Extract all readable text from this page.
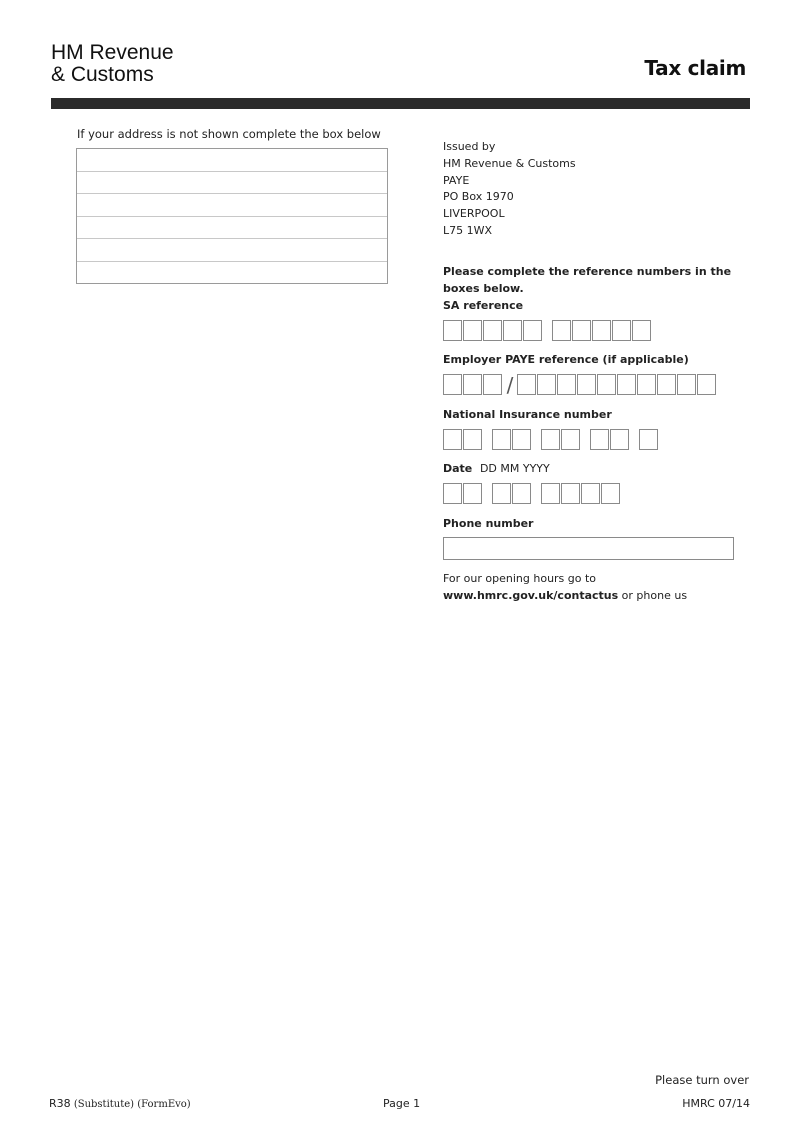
HM Revenue
& Customs	Tax claim
If your address is not shown complete the box below
Issued by
HM Revenue & Customs
PAYE
PO Box 1970
LIVERPOOL
L75 1WX
Please complete the reference numbers in the
boxes below.
SA reference
Employer PAYE reference (if applicable)
/
National Insurance number
Date DD MM YYYY
Phone number
For our opening hours go to
www.hmrc.gov.uk/contactus or phone us
Please turn over
R38 (Substitute) (FormEvo)	Page 1	HMRC 07/14
